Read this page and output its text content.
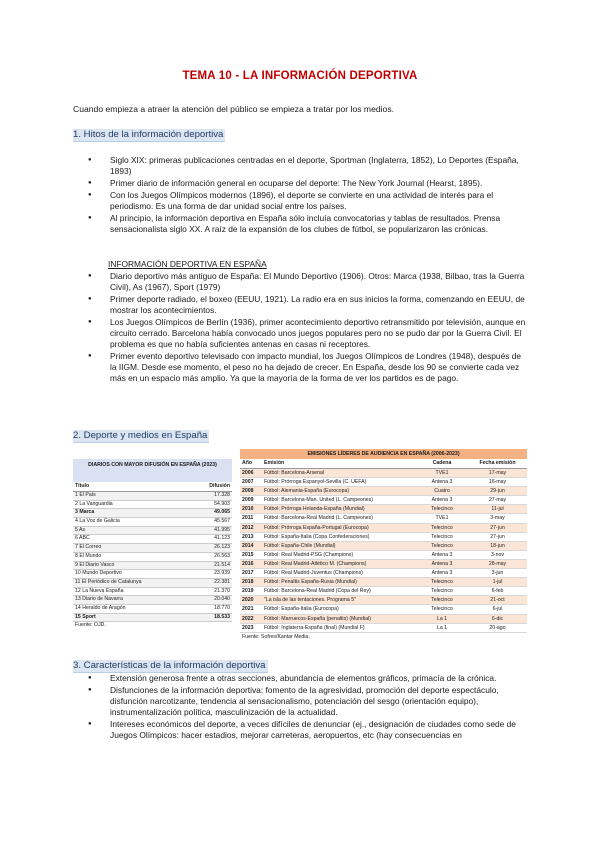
TEMA 10 - LA INFORMACIÓN DEPORTIVA
Cuando empieza a atraer la atención del público se empieza a tratar por los medios.
1. Hitos de la información deportiva
● Siglo XIX: primeras publicaciones centradas en el deporte, Sportman (Inglaterra, 1852), Lo Deportes (España, 1893)
● Primer diario de información general en ocuparse del deporte: The New York Journal (Hearst, 1895).
● Con los Juegos Olímpicos modernos (1896), el deporte se convierte en una actividad de interés para el periodismo. Es una forma de dar unidad social entre los países.
● Al principio, la información deportiva en España sólo incluía convocatorias y tablas de resultados. Prensa sensacionalista siglo XX. A raíz de la expansión de los clubes de fútbol, se popularizaron las crónicas.
INFORMACIÓN DEPORTIVA EN ESPAÑA
● Diario deportivo más antiguo de España: El Mundo Deportivo (1906). Otros: Marca (1938, Bilbao, tras la Guerra Civil), As (1967), Sport (1979)
● Primer deporte radiado, el boxeo (EEUU, 1921). La radio era en sus inicios la forma, comenzando en EEUU, de mostrar los acontecimientos.
● Los Juegos Olímpicos de Berlín (1936), primer acontecimiento deportivo retransmitido por televisión, aunque en circuito cerrado. Barcelona había convocado unos juegos populares pero no se pudo dar por la Guerra Civil. El problema es que no había suficientes antenas en casas ni receptores.
● Primer evento deportivo televisado con impacto mundial, los Juegos Olímpicos de Londres (1948), después de la IIGM. Desde ese momento, el peso no ha dejado de crecer. En España, desde los 90 se convierte cada vez más en un espacio más amplio. Ya que la mayoría de la forma de ver los partidos es de pago.
2. Deporte y medios en España
DIARIOS CON MAYOR DIFUSIÓN EN ESPAÑA (2023)
Título	Difusión
1 El País	17.328
2 La Vanguardia	54.903
3 Marca	49.065
4 La Voz de Galicia	45.567
5 As	41.995
6 ABC	41.123
7 El Correo	26.123
8 El Mundo	26.563
9 El Diario Vasco	21.514
10 Mundo Deportivo	23.939
11 El Periódico de Catalunya	22.381
12 La Nueva España	21.370
13 Diario de Navarra	20.040
14 Heraldo de Aragón	18.770
15 Sport	18.533
Fuente: OJD.
EMISIONES LÍDERES DE AUDIENCIA EN ESPAÑA (2006-2023)
Año	Emisión	Cadena	Fecha emisión
2006	Fútbol: Barcelona-Arsenal	TVE1	17-may
2007	Fútbol: Prórroga Espanyol-Sevilla (C. UEFA)	Antena 3	16-may
2008	Fútbol: Alemania-España (Eurocopa)	Cuatro	29-jun
2009	Fútbol: Barcelona-Man. United (L. Campeones)	Antena 3	27-may
2010	Fútbol: Prórroga Holanda-España (Mundial)	Telecinco	11-jul
2011	Fútbol: Barcelona-Real Madrid (L. Campeones)	TVE1	3-may
2012	Fútbol: Prórroga España-Portugal (Eurocopa)	Telecinco	27-jun
2013	Fútbol: España-Italia (Copa Confederaciones)	Telecinco	27-jun
2014	Fútbol: España-Chile (Mundial)	Telecinco	18-jun
2015	Fútbol: Real Madrid-PSG (Champions)	Antena 3	3-nov
2016	Fútbol: Real Madrid-Atlético M. (Champions)	Antena 3	28-may
2017	Fútbol: Real Madrid-Juventus (Champions)	Antena 3	3-jun
2018	Fútbol: Penaltis España-Rusia (Mundial)	Telecinco	1-jul
2019	Fútbol: Barcelona-Real Madrid (Copa del Rey)	Telecinco	6-feb
2020	"La isla de las tentaciones. Programa 5"	Telecinco	21-oct
2021	Fútbol: España-Italia (Eurocopa)	Telecinco	6-jul
2022	Fútbol: Marruecos-España (penaltis) (Mundial)	La 1	6-dic
2023	Fútbol: Inglaterra-España (final) (Mundial F)	La 1	20-ago
Fuente: Sofres/Kantar Media.
3. Características de la información deportiva
● Extensión generosa frente a otras secciones, abundancia de elementos gráficos, primacía de la crónica.
● Disfunciones de la información deportiva: fomento de la agresividad, promoción del deporte espectáculo, disfunción narcotizante, tendencia al sensacionalismo, potenciación del sesgo (orientación equipo), instrumentalización política, masculinización de la actualidad.
● Intereses económicos del deporte, a veces difíciles de denunciar (ej., designación de ciudades como sede de Juegos Olímpicos: hacer estadios, mejorar carreteras, aeropuertos, etc (hay consecuencias en
